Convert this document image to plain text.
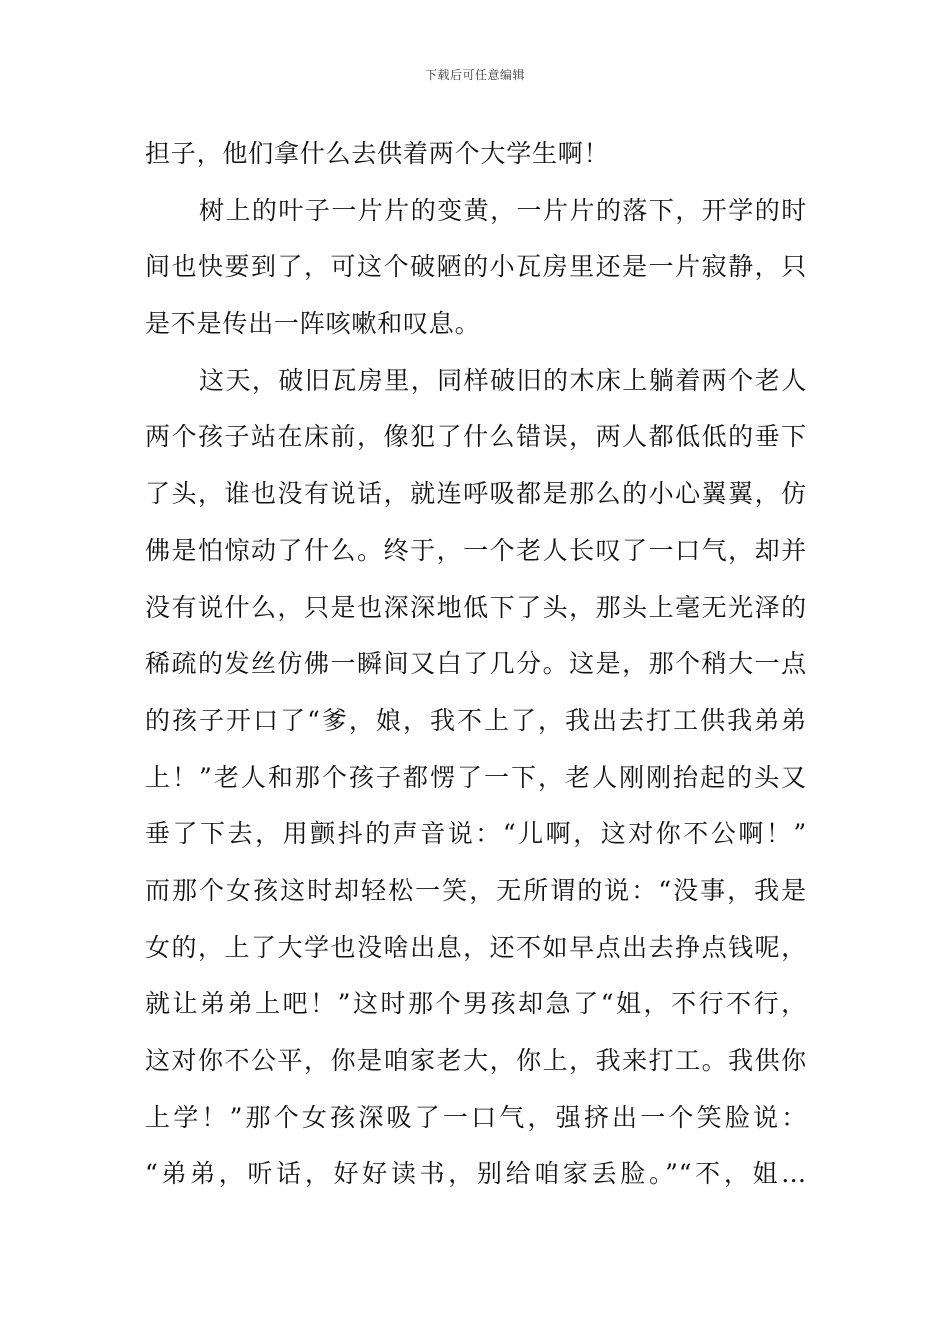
下载后可任意编辑
担子，他们拿什么去供着两个大学生啊！
树上的叶子一片片的变黄，一片片的落下，开学的时
间也快要到了，可这个破陋的小瓦房里还是一片寂静，只
是不是传出一阵咳嗽和叹息。
这天，破旧瓦房里，同样破旧的木床上躺着两个老人
两个孩子站在床前，像犯了什么错误，两人都低低的垂下
了头，谁也没有说话，就连呼吸都是那么的小心翼翼，仿
佛是怕惊动了什么。终于，一个老人长叹了一口气，却并
没有说什么，只是也深深地低下了头，那头上毫无光泽的
稀疏的发丝仿佛一瞬间又白了几分。这是，那个稍大一点
的孩子开口了“爹，娘，我不上了，我出去打工供我弟弟
上！”老人和那个孩子都愣了一下，老人刚刚抬起的头又
垂了下去，用颤抖的声音说：“儿啊，这对你不公啊！”
而那个女孩这时却轻松一笑，无所谓的说：“没事，我是
女的，上了大学也没啥出息，还不如早点出去挣点钱呢，
就让弟弟上吧！”这时那个男孩却急了“姐，不行不行，
这对你不公平，你是咱家老大，你上，我来打工。我供你
上学！”那个女孩深吸了一口气，强挤出一个笑脸说：
“弟弟，听话，好好读书，别给咱家丢脸。”“不，姐…
